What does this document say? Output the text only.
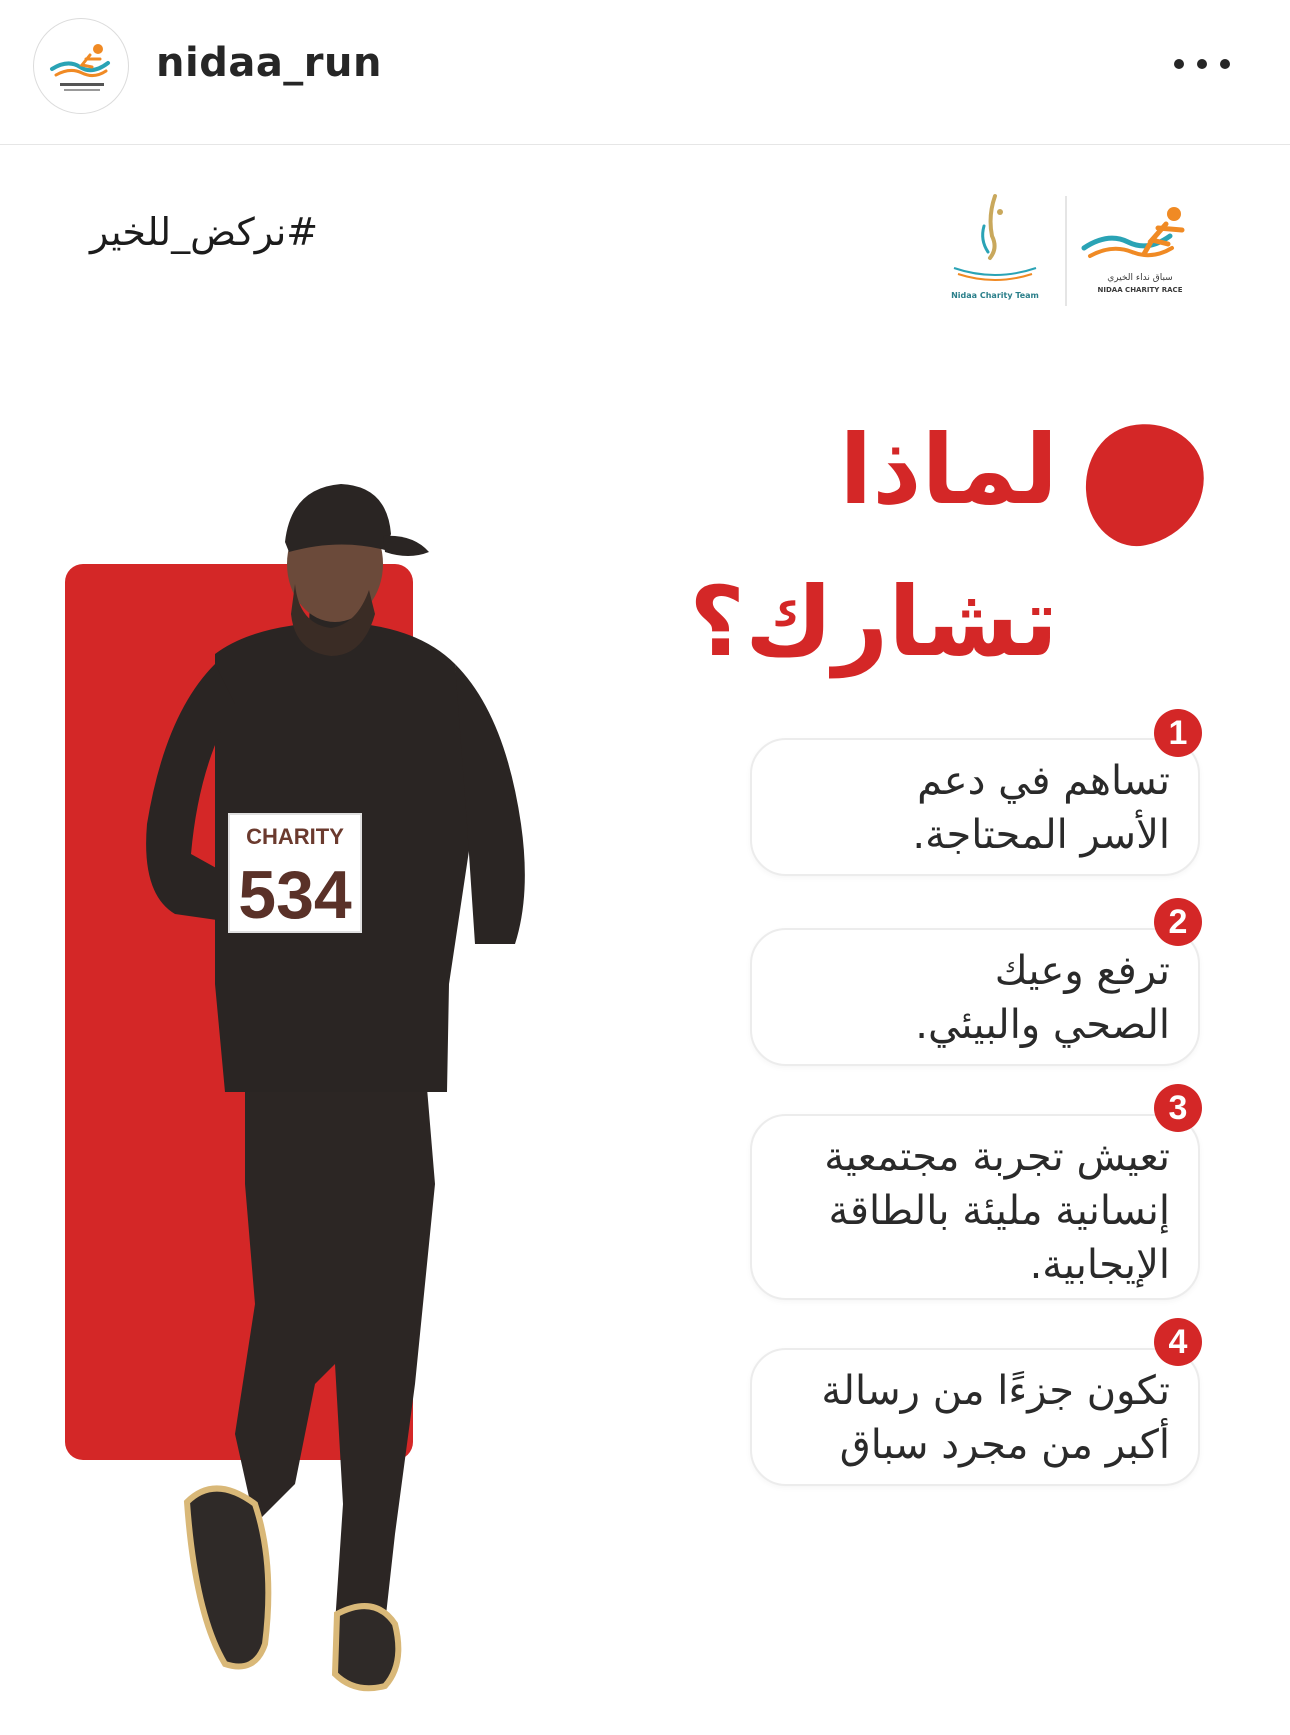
nidaa_run
#نركض_للخير
Nidaa Charity Team
سباق نداء الخيري
NIDAA CHARITY RACE
CHARITY
534
لماذا
تشارك؟
تساهم في دعم
الأسر المحتاجة.
1
ترفع وعيك
الصحي والبيئي.
2
تعيش تجربة مجتمعية
إنسانية مليئة بالطاقة
الإيجابية.
3
تكون جزءًا من رسالة
أكبر من مجرد سباق
4
